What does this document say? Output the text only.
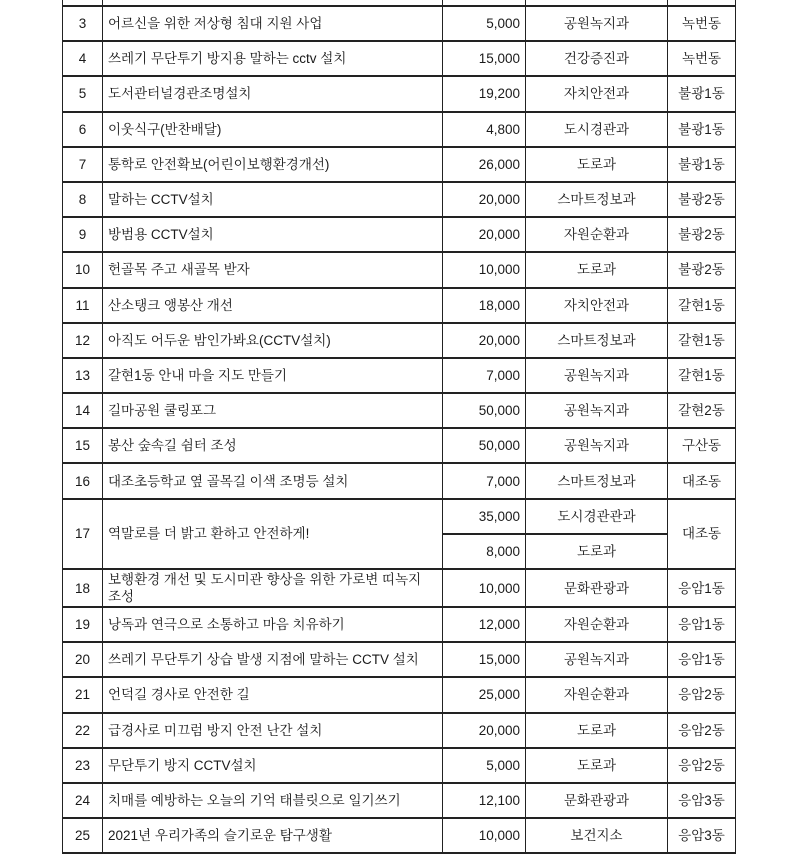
3	어르신을 위한 저상형 침대 지원 사업	5,000	공원녹지과	녹번동
4	쓰레기 무단투기 방지용 말하는 cctv 설치	15,000	건강증진과	녹번동
5	도서관터널경관조명설치	19,200	자치안전과	불광1동
6	이웃식구(반찬배달)	4,800	도시경관과	불광1동
7	통학로 안전확보(어린이보행환경개선)	26,000	도로과	불광1동
8	말하는 CCTV설치	20,000	스마트정보과	불광2동
9	방범용 CCTV설치	20,000	자원순환과	불광2동
10	헌골목 주고 새골목 받자	10,000	도로과	불광2동
11	산소탱크 앵봉산 개선	18,000	자치안전과	갈현1동
12	아직도 어두운 밤인가봐요(CCTV설치)	20,000	스마트정보과	갈현1동
13	갈현1동 안내 마을 지도 만들기	7,000	공원녹지과	갈현1동
14	길마공원 쿨링포그	50,000	공원녹지과	갈현2동
15	봉산 숲속길 쉼터 조성	50,000	공원녹지과	구산동
16	대조초등학교 옆 골목길 이색 조명등 설치	7,000	스마트정보과	대조동
17	역말로를 더 밝고 환하고 안전하게!	35,000	도시경관관과	대조동
		8,000	도로과	
18	보행환경 개선 및 도시미관 향상을 위한 가로변 띠녹지 조성	10,000	문화관광과	응암1동
19	낭독과 연극으로 소통하고 마음 치유하기	12,000	자원순환과	응암1동
20	쓰레기 무단투기 상습 발생 지점에 말하는 CCTV 설치	15,000	공원녹지과	응암1동
21	언덕길 경사로 안전한 길	25,000	자원순환과	응암2동
22	급경사로 미끄럼 방지 안전 난간 설치	20,000	도로과	응암2동
23	무단투기 방지 CCTV설치	5,000	도로과	응암2동
24	치매를 예방하는 오늘의 기억 태블릿으로 일기쓰기	12,100	문화관광과	응암3동
25	2021년 우리가족의 슬기로운 탐구생활	10,000	보건지소	응암3동
